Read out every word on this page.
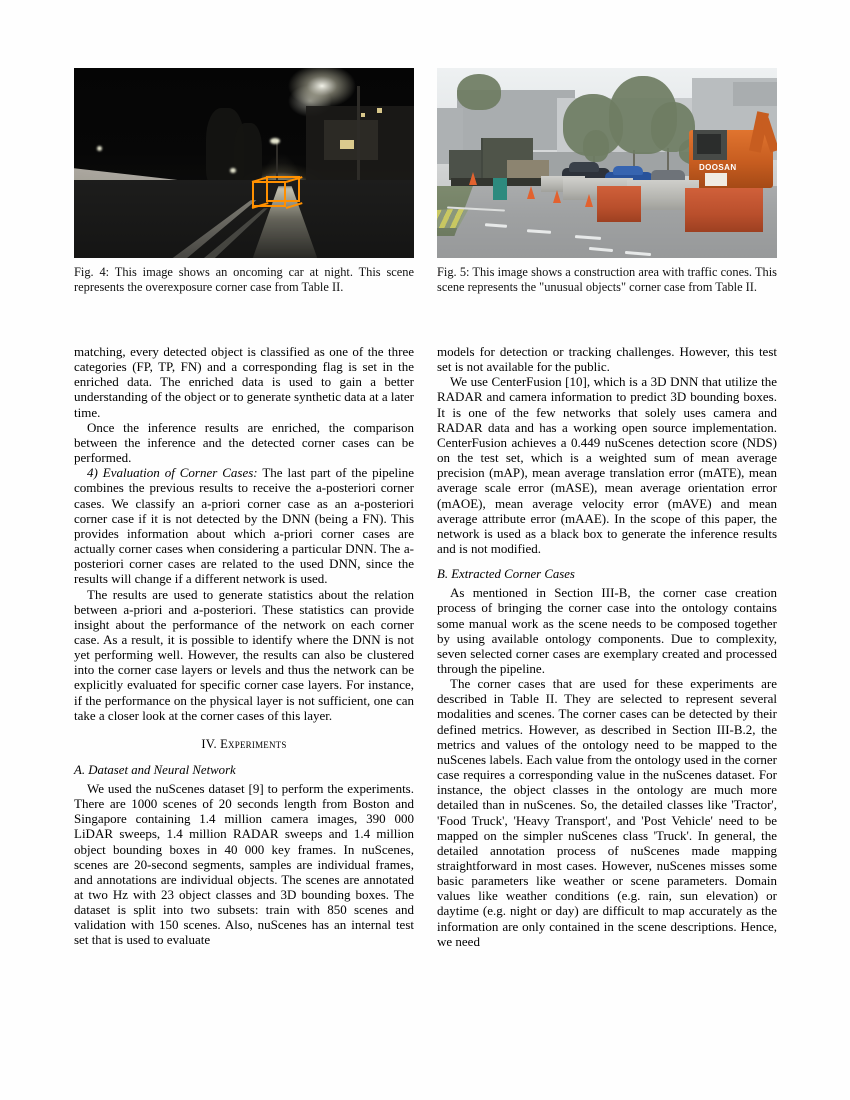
Fig. 4: This image shows an oncoming car at night. This scene represents the overexposure corner case from Table II.
DOOSAN
Fig. 5: This image shows a construction area with traffic cones. This scene represents the "unusual objects" corner case from Table II.

matching, every detected object is classified as one of the three categories (FP, TP, FN) and a corresponding flag is set in the enriched data. The enriched data is used to gain a better understanding of the object or to generate synthetic data at a later time.

Once the inference results are enriched, the comparison between the inference and the detected corner cases can be performed.

4) Evaluation of Corner Cases: The last part of the pipeline combines the previous results to receive the a-posteriori corner cases. We classify an a-priori corner case as an a-posteriori corner case if it is not detected by the DNN (being a FN). This provides information about which a-priori corner cases are actually corner cases when considering a particular DNN. The a-posteriori corner cases are related to the used DNN, since the results will change if a different network is used.

The results are used to generate statistics about the relation between a-priori and a-posteriori. These statistics can provide insight about the performance of the network on each corner case. As a result, it is possible to identify where the DNN is not yet performing well. However, the results can also be clustered into the corner case layers or levels and thus the network can be explicitly evaluated for specific corner case layers. For instance, if the performance on the physical layer is not sufficient, one can take a closer look at the corner cases of this layer.

IV. Experiments
A. Dataset and Neural Network

We used the nuScenes dataset [9] to perform the experiments. There are 1000 scenes of 20 seconds length from Boston and Singapore containing 1.4 million camera images, 390 000 LiDAR sweeps, 1.4 million RADAR sweeps and 1.4 million object bounding boxes in 40 000 key frames. In nuScenes, scenes are 20-second segments, samples are individual frames, and annotations are individual objects. The scenes are annotated at two Hz with 23 object classes and 3D bounding boxes. The dataset is split into two subsets: train with 850 scenes and validation with 150 scenes. Also, nuScenes has an internal test set that is used to evaluate

models for detection or tracking challenges. However, this test set is not available for the public.

We use CenterFusion [10], which is a 3D DNN that utilize the RADAR and camera information to predict 3D bounding boxes. It is one of the few networks that solely uses camera and RADAR data and has a working open source implementation. CenterFusion achieves a 0.449 nuScenes detection score (NDS) on the test set, which is a weighted sum of mean average precision (mAP), mean average translation error (mATE), mean average scale error (mASE), mean average orientation error (mAOE), mean average velocity error (mAVE) and mean average attribute error (mAAE). In the scope of this paper, the network is used as a black box to generate the inference results and is not modified.

B. Extracted Corner Cases

As mentioned in Section III-B, the corner case creation process of bringing the corner case into the ontology contains some manual work as the scene needs to be composed together by using available ontology components. Due to complexity, seven selected corner cases are exemplary created and processed through the pipeline.

The corner cases that are used for these experiments are described in Table II. They are selected to represent several modalities and scenes. The corner cases can be detected by their defined metrics. However, as described in Section III-B.2, the metrics and values of the ontology need to be mapped to the nuScenes labels. Each value from the ontology used in the corner case requires a corresponding value in the nuScenes dataset. For instance, the object classes in the ontology are much more detailed than in nuScenes. So, the detailed classes like 'Tractor', 'Food Truck', 'Heavy Transport', and 'Post Vehicle' need to be mapped on the simpler nuScenes class 'Truck'. In general, the detailed annotation process of nuScenes made mapping straightforward in most cases. However, nuScenes misses some basic parameters like weather or scene parameters. Domain values like weather conditions (e.g. rain, sun elevation) or daytime (e.g. night or day) are difficult to map accurately as the information are only contained in the scene descriptions. Hence, we need
